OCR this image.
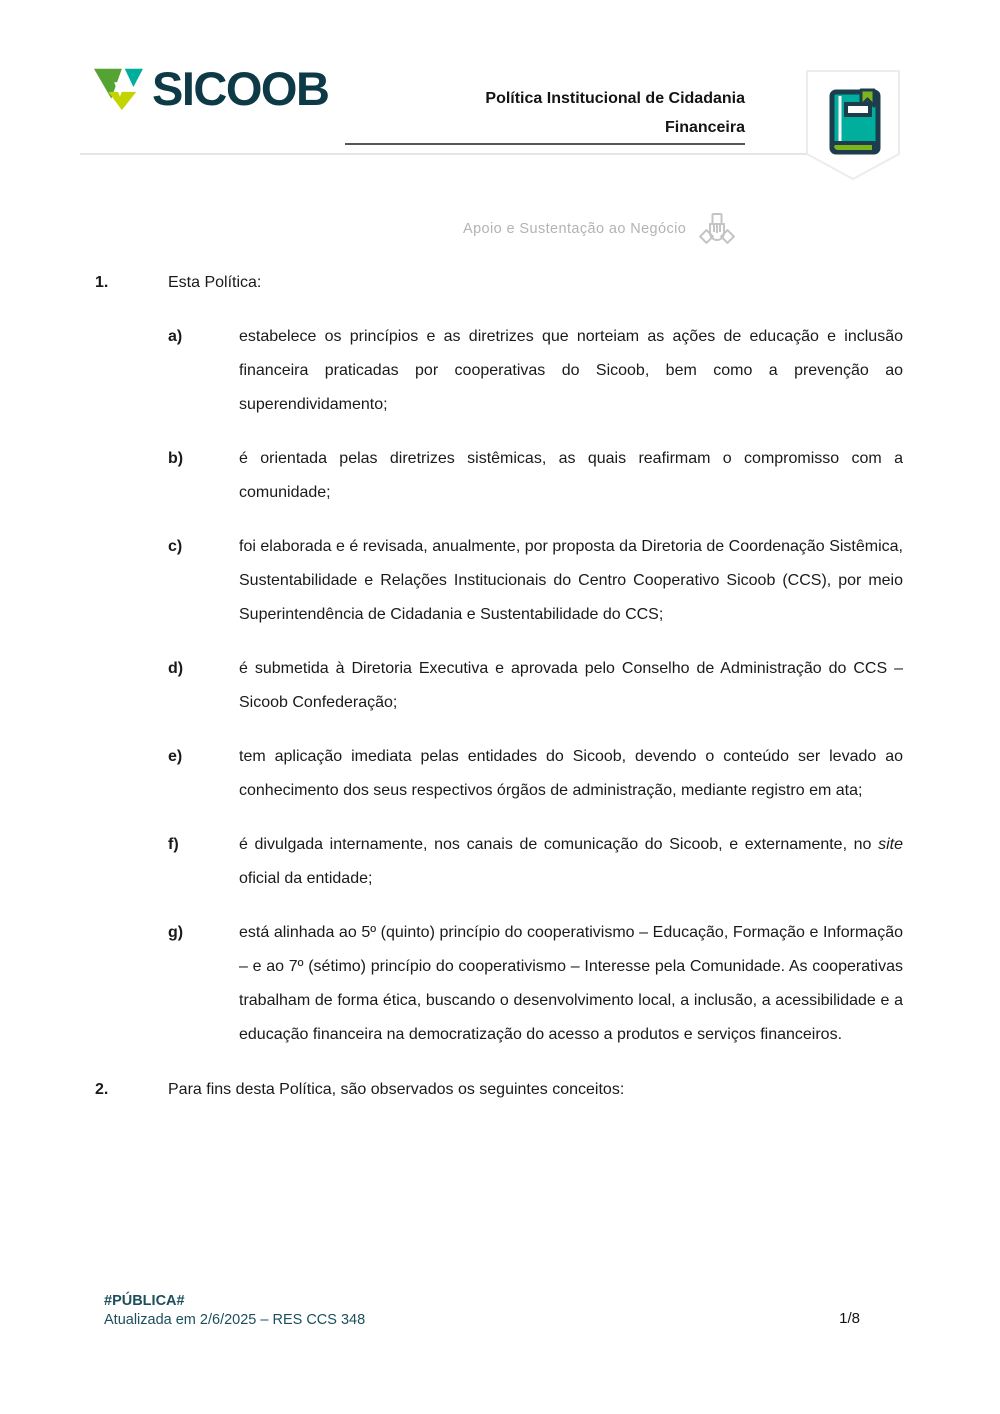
SICOOB	Política Institucional de Cidadania
Financeira
Apoio e Sustentação ao Negócio
1.	Esta Política:
a)	estabelece os princípios e as diretrizes que norteiam as ações de educação e inclusão financeira praticadas por cooperativas do Sicoob, bem como a prevenção ao superendividamento;

b)	é orientada pelas diretrizes sistêmicas, as quais reafirmam o compromisso com a comunidade;

c)	foi elaborada e é revisada, anualmente, por proposta da Diretoria de Coordenação Sistêmica, Sustentabilidade e Relações Institucionais do Centro Cooperativo Sicoob (CCS), por meio Superintendência de Cidadania e Sustentabilidade do CCS;

d)	é submetida à Diretoria Executiva e aprovada pelo Conselho de Administração do CCS – Sicoob Confederação;

e)	tem aplicação imediata pelas entidades do Sicoob, devendo o conteúdo ser levado ao conhecimento dos seus respectivos órgãos de administração, mediante registro em ata;

f)	é divulgada internamente, nos canais de comunicação do Sicoob, e externamente, no site oficial da entidade;

g)	está alinhada ao 5º (quinto) princípio do cooperativismo – Educação, Formação e Informação – e ao 7º (sétimo) princípio do cooperativismo – Interesse pela Comunidade. As cooperativas trabalham de forma ética, buscando o desenvolvimento local, a inclusão, a acessibilidade e a educação financeira na democratização do acesso a produtos e serviços financeiros.

2.	Para fins desta Política, são observados os seguintes conceitos:
#PÚBLICA#
Atualizada em 2/6/2025 – RES CCS 348	1/8
